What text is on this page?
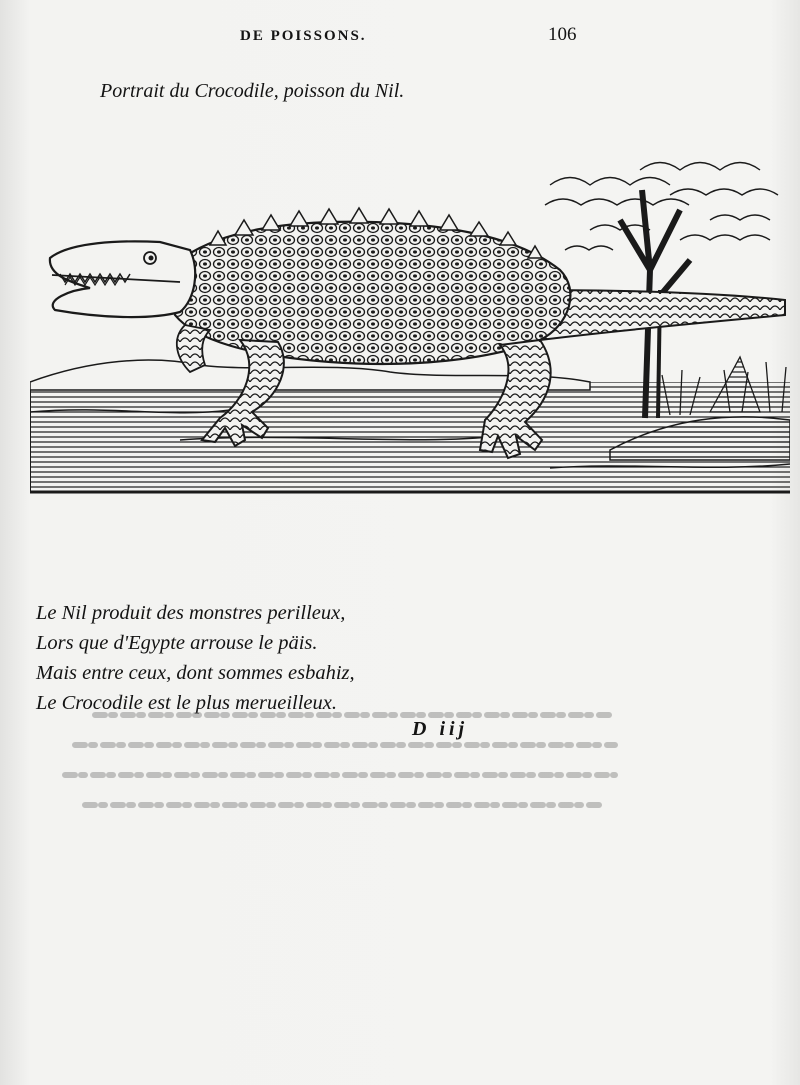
DE POISSONS.	106
Portrait du Crocodile, poisson du Nil.
Le Nil produit des monstres perilleux,
Lors que d'Egypte arrouse le päis.
Mais entre ceux, dont sommes esbahiz,
Le Crocodile est le plus merueilleux.
D iij
